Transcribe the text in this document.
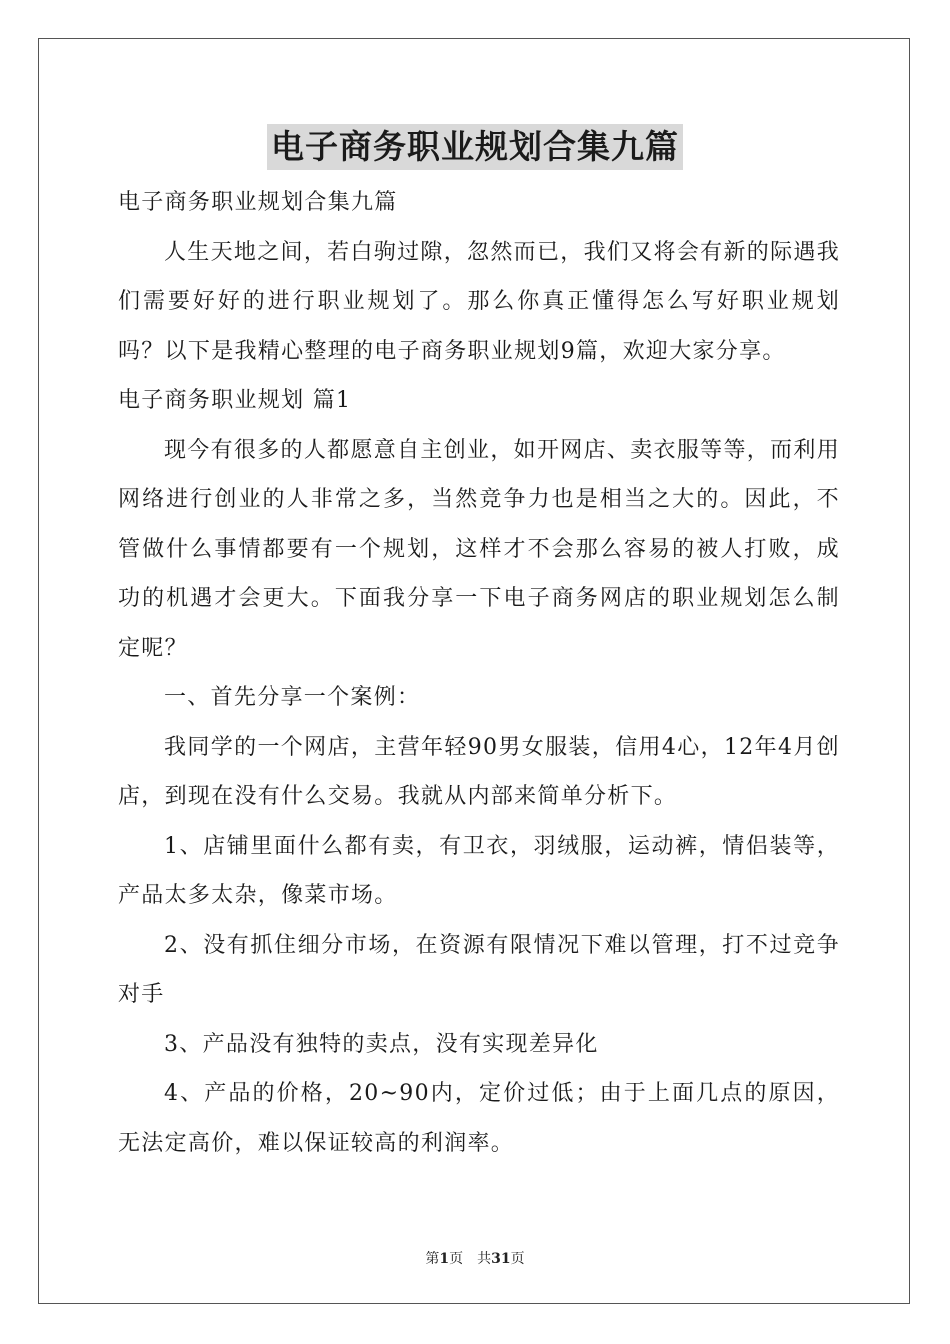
电子商务职业规划合集九篇

电子商务职业规划合集九篇

人生天地之间，若白驹过隙，忽然而已，我们又将会有新的际遇我们需要好好的进行职业规划了。那么你真正懂得怎么写好职业规划吗？以下是我精心整理的电子商务职业规划9篇，欢迎大家分享。

电子商务职业规划 篇1

现今有很多的人都愿意自主创业，如开网店、卖衣服等等，而利用网络进行创业的人非常之多，当然竞争力也是相当之大的。因此，不管做什么事情都要有一个规划，这样才不会那么容易的被人打败，成功的机遇才会更大。下面我分享一下电子商务网店的职业规划怎么制定呢？

一、首先分享一个案例：

我同学的一个网店，主营年轻90男女服装，信用4心，12年4月创店，到现在没有什么交易。我就从内部来简单分析下。

1、店铺里面什么都有卖，有卫衣，羽绒服，运动裤，情侣装等，产品太多太杂，像菜市场。

2、没有抓住细分市场，在资源有限情况下难以管理，打不过竞争对手

3、产品没有独特的卖点，没有实现差异化

4、产品的价格，20~90内，定价过低；由于上面几点的原因，无法定高价，难以保证较高的利润率。

第1页 共31页
